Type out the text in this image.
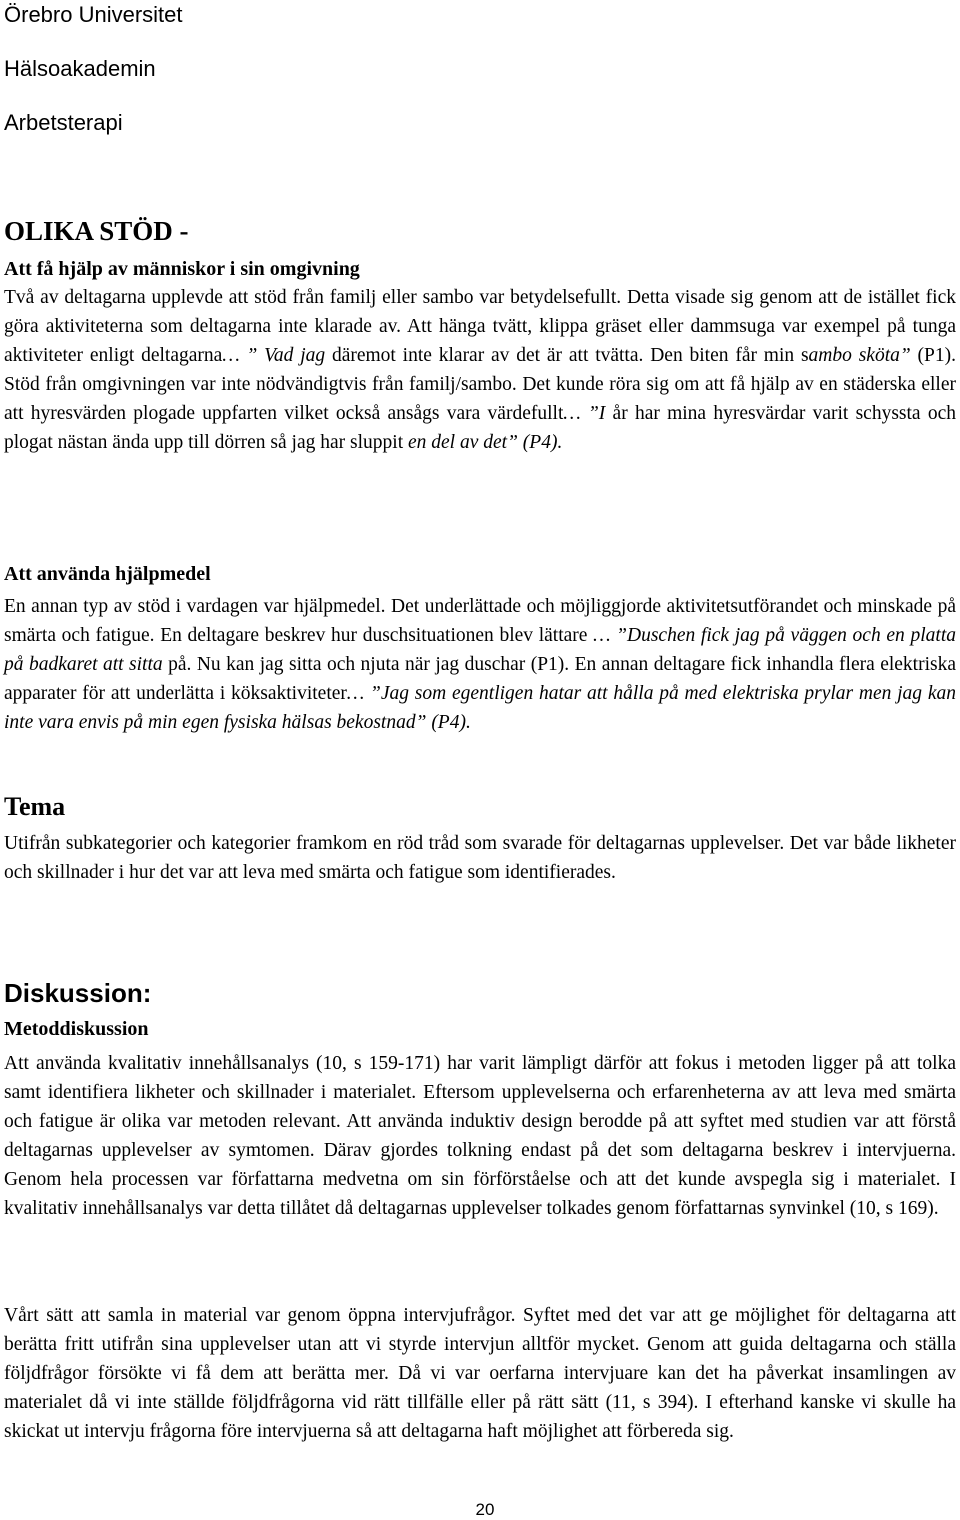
Örebro Universitet
Hälsoakademin
Arbetsterapi
OLIKA STÖD -
Att få hjälp av människor i sin omgivning
Två av deltagarna upplevde att stöd från familj eller sambo var betydelsefullt. Detta visade sig genom att de istället fick göra aktiviteterna som deltagarna inte klarade av. Att hänga tvätt, klippa gräset eller dammsuga var exempel på tunga aktiviteter enligt deltagarna… ” Vad jag däremot inte klarar av det är att tvätta. Den biten får min sambo sköta” (P1). Stöd från omgivningen var inte nödvändigtvis från familj/sambo. Det kunde röra sig om att få hjälp av en städerska eller att hyresvärden plogade uppfarten vilket också ansågs vara värdefullt… ”I år har mina hyresvärdar varit schyssta och plogat nästan ända upp till dörren så jag har sluppit en del av det” (P4).
Att använda hjälpmedel
En annan typ av stöd i vardagen var hjälpmedel. Det underlättade och möjliggjorde aktivitetsutförandet och minskade på smärta och fatigue. En deltagare beskrev hur duschsituationen blev lättare … ”Duschen fick jag på väggen och en platta på badkaret att sitta på. Nu kan jag sitta och njuta när jag duschar (P1). En annan deltagare fick inhandla flera elektriska apparater för att underlätta i köksaktiviteter… ”Jag som egentligen hatar att hålla på med elektriska prylar men jag kan inte vara envis på min egen fysiska hälsas bekostnad” (P4).
Tema
Utifrån subkategorier och kategorier framkom en röd tråd som svarade för deltagarnas upplevelser. Det var både likheter och skillnader i hur det var att leva med smärta och fatigue som identifierades.
Diskussion:
Metoddiskussion
Att använda kvalitativ innehållsanalys (10, s 159-171) har varit lämpligt därför att fokus i metoden ligger på att tolka samt identifiera likheter och skillnader i materialet. Eftersom upplevelserna och erfarenheterna av att leva med smärta och fatigue är olika var metoden relevant. Att använda induktiv design berodde på att syftet med studien var att förstå deltagarnas upplevelser av symtomen. Därav gjordes tolkning endast på det som deltagarna beskrev i intervjuerna. Genom hela processen var författarna medvetna om sin förförståelse och att det kunde avspegla sig i materialet. I kvalitativ innehållsanalys var detta tillåtet då deltagarnas upplevelser tolkades genom författarnas synvinkel (10, s 169).
Vårt sätt att samla in material var genom öppna intervjufrågor. Syftet med det var att ge möjlighet för deltagarna att berätta fritt utifrån sina upplevelser utan att vi styrde intervjun alltför mycket. Genom att guida deltagarna och ställa följdfrågor försökte vi få dem att berätta mer. Då vi var oerfarna intervjuare kan det ha påverkat insamlingen av materialet då vi inte ställde följdfrågorna vid rätt tillfälle eller på rätt sätt (11, s 394). I efterhand kanske vi skulle ha skickat ut intervju frågorna före intervjuerna så att deltagarna haft möjlighet att förbereda sig.
20
